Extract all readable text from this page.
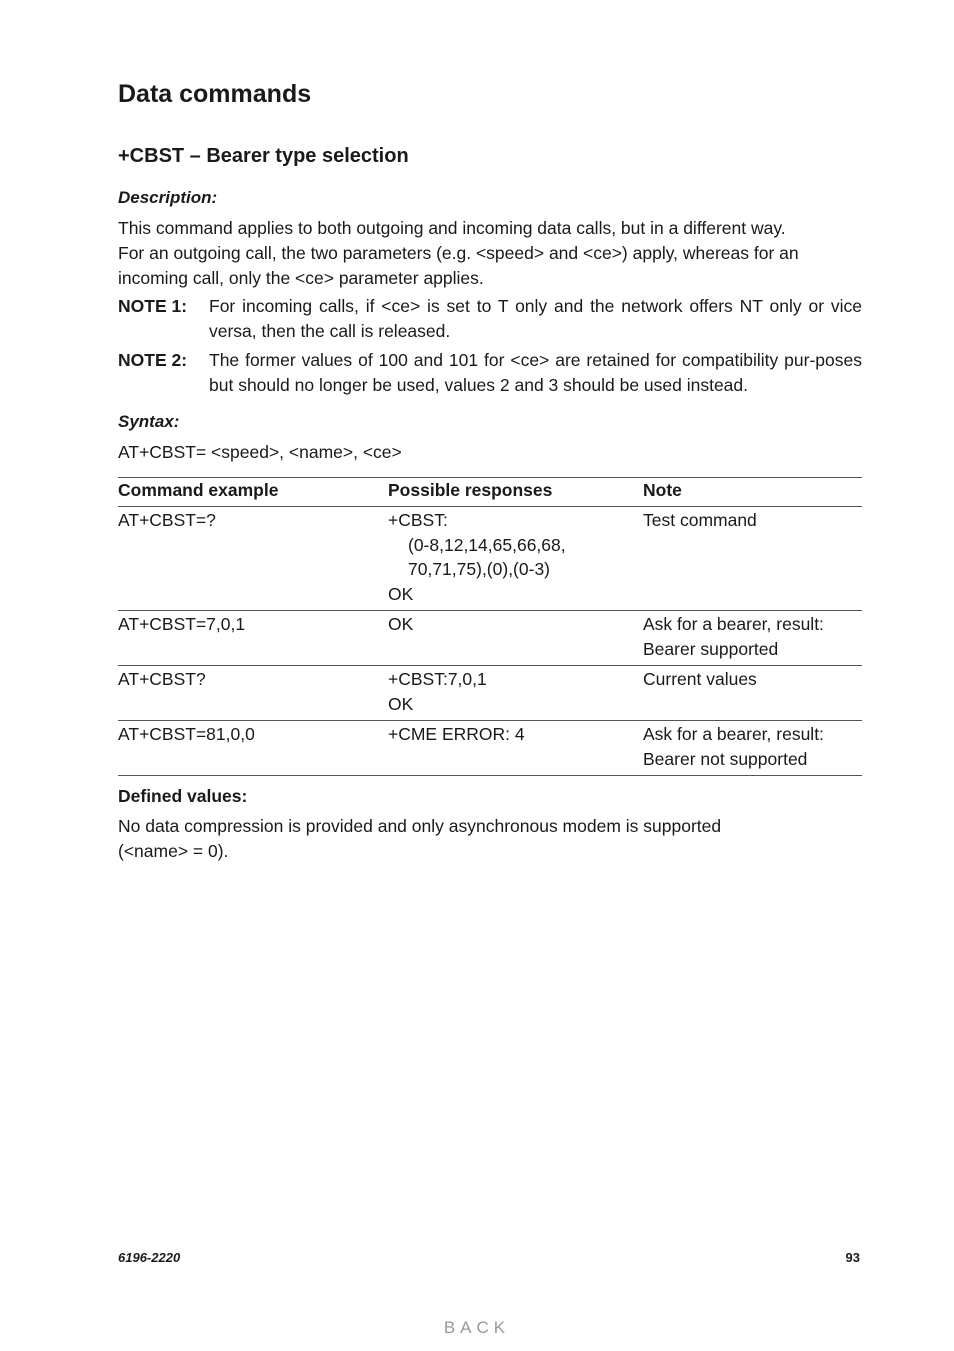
Data commands
+CBST – Bearer type selection

Description:

This command applies to both outgoing and incoming data calls, but in a different way.

For an outgoing call, the two parameters (e.g. <speed> and <ce>) apply, whereas for an

incoming call, only the <ce> parameter applies.

NOTE 1:	For incoming calls, if <ce> is set to T only and the network offers NT only or vice versa, then the call is released.
NOTE 2:	The former values of 100 and 101 for <ce> are retained for compatibility pur-poses but should no longer be used, values 2 and 3 should be used instead.

Syntax:

AT+CBST= <speed>, <name>, <ce>

Command example	Possible responses	Note
AT+CBST=?	+CBST:
(0-8,12,14,65,66,68,
70,71,75),(0),(0-3)
OK	Test command

AT+CBST=7,0,1	OK	Ask for a bearer, result:
Bearer supported

AT+CBST?	+CBST:7,0,1
OK	Current values

AT+CBST=81,0,0	+CME ERROR: 4	Ask for a bearer, result:
Bearer not supported

Defined values:

No data compression is provided and only asynchronous modem is supported

(<name> = 0).

6196-2220	93
BACK
